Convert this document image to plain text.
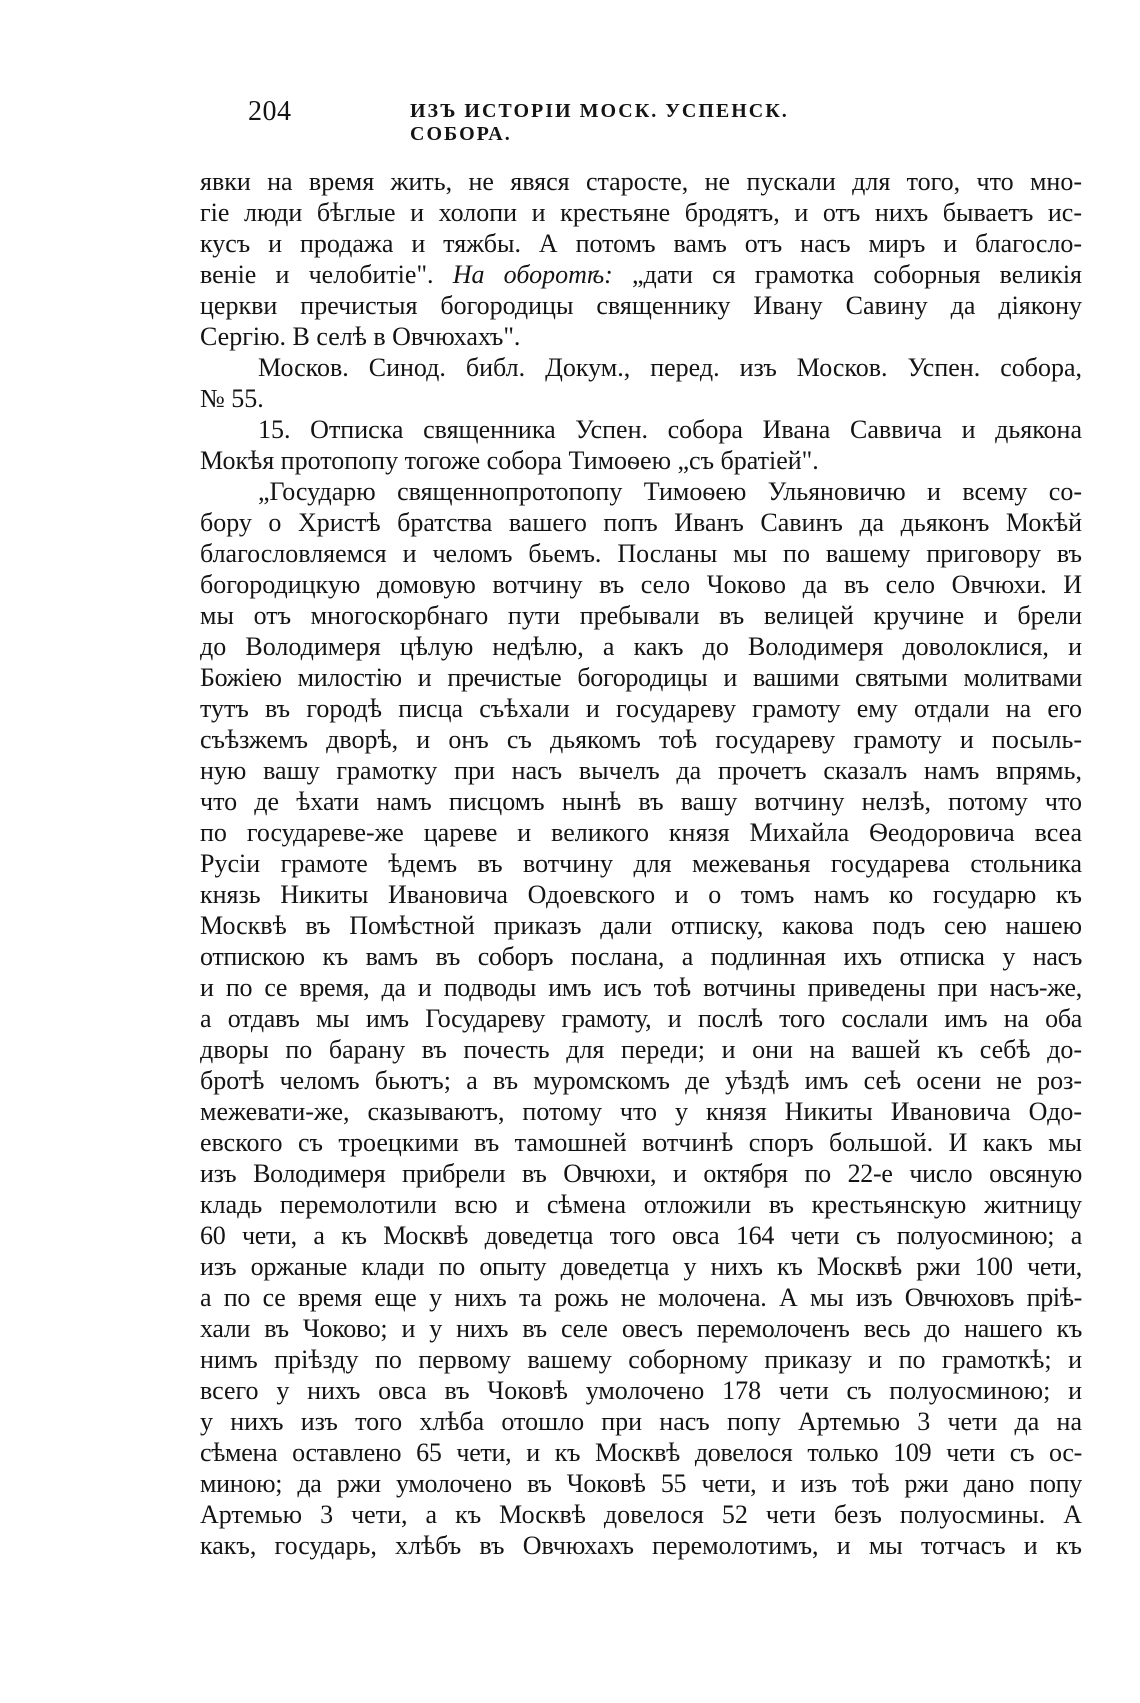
204	ИЗЪ ИСТОРІИ МОСК. УСПЕНСК. СОБОРА.
явки на время жить, не явяся старосте, не пускали для того, что мно-
гіе люди бѣглые и холопи и крестьяне бродятъ, и отъ нихъ бываетъ ис-
кусъ и продажа и тяжбы. А потомъ вамъ отъ насъ миръ и благосло-
веніе и челобитіе". На оборотѣ: „дати ся грамотка соборныя великія
церкви пречистыя богородицы священнику Ивану Савину да діякону
Сергію. В селѣ в Овчюхахъ".
Москов. Синод. библ. Докум., перед. изъ Москов. Успен. собора,
№ 55.
15. Отписка священника Успен. собора Ивана Саввича и дьякона
Мокѣя протопопу тогоже собора Тимоѳею „съ братіей".
„Государю священнопротопопу Тимоѳею Ульяновичю и всему со-
бору о Христѣ братства вашего попъ Иванъ Савинъ да дьяконъ Мокѣй
благословляемся и челомъ бьемъ. Посланы мы по вашему приговору въ
богородицкую домовую вотчину въ село Чоково да въ село Овчюхи. И
мы отъ многоскорбнаго пути пребывали въ велицей кручине и брели
до Володимеря цѣлую недѣлю, а какъ до Володимеря доволоклися, и
Божіею милостію и пречистые богородицы и вашими святыми молитвами
тутъ въ городѣ писца съѣхали и государеву грамоту ему отдали на его
съѣзжемъ дворѣ, и онъ съ дьякомъ тоѣ государеву грамоту и посыль-
ную вашу грамотку при насъ вычелъ да прочетъ сказалъ намъ впрямь,
что де ѣхати намъ писцомъ нынѣ въ вашу вотчину нелзѣ, потому что
по государеве-же цареве и великого князя Михайла Ѳеодоровича всеа
Русіи грамоте ѣдемъ въ вотчину для межеванья государева стольника
князь Никиты Ивановича Одоевского и о томъ намъ ко государю къ
Москвѣ въ Помѣстной приказъ дали отписку, какова подъ сею нашею
отпискою къ вамъ въ соборъ послана, а подлинная ихъ отписка у насъ
и по се время, да и подводы имъ исъ тоѣ вотчины приведены при насъ-же,
а отдавъ мы имъ Государеву грамоту, и послѣ того сослали имъ на оба
дворы по барану въ почесть для переди; и они на вашей къ себѣ до-
бротѣ челомъ бьютъ; а въ муромскомъ де уѣздѣ имъ сеѣ осени не роз-
межевати-же, сказываютъ, потому что у князя Никиты Ивановича Одо-
евского съ троецкими въ тамошней вотчинѣ споръ большой. И какъ мы
изъ Володимеря прибрели въ Овчюхи, и октября по 22-е число овсяную
кладь перемолотили всю и сѣмена отложили въ крестьянскую житницу
60 чети, а къ Москвѣ доведетца того овса 164 чети съ полуосминою; а
изъ оржаные клади по опыту доведетца у нихъ къ Москвѣ ржи 100 чети,
а по се время еще у нихъ та рожь не молочена. А мы изъ Овчюховъ пріѣ-
хали въ Чоково; и у нихъ въ селе овесъ перемолоченъ весь до нашего къ
нимъ пріѣзду по первому вашему соборному приказу и по грамоткѣ; и
всего у нихъ овса въ Чоковѣ умолочено 178 чети съ полуосминою; и
у нихъ изъ того хлѣба отошло при насъ попу Артемью 3 чети да на
сѣмена оставлено 65 чети, и къ Москвѣ довелося только 109 чети съ ос-
миною; да ржи умолочено въ Чоковѣ 55 чети, и изъ тоѣ ржи дано попу
Артемью 3 чети, а къ Москвѣ довелося 52 чети безъ полуосмины. А
какъ, государь, хлѣбъ въ Овчюхахъ перемолотимъ, и мы тотчасъ и къ
